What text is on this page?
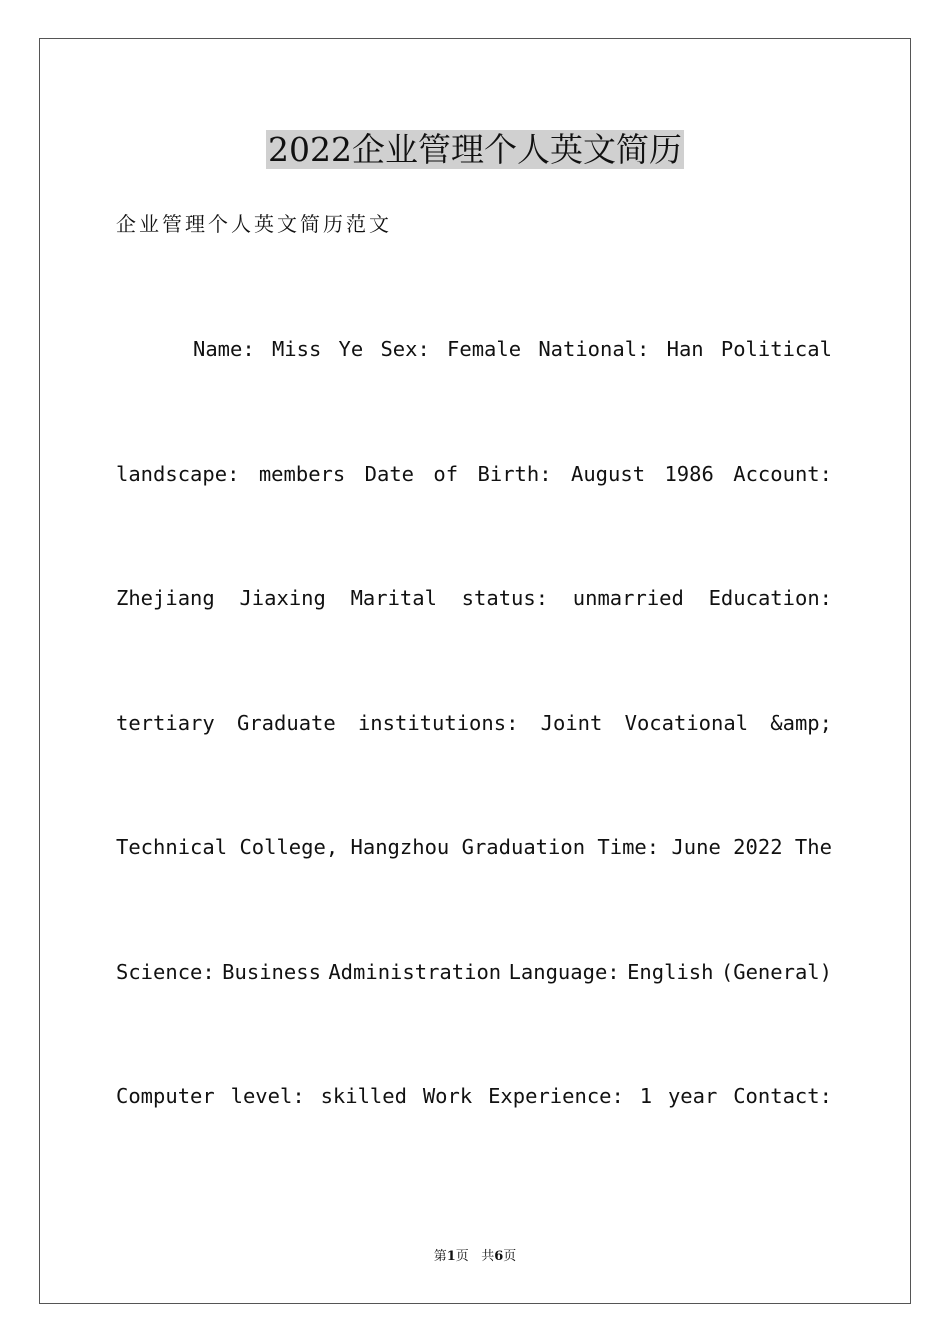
2022企业管理个人英文简历

企业管理个人英文简历范文

Name: Miss Ye Sex: Female National: Han Political
landscape: members Date of Birth: August 1986 Account:
Zhejiang Jiaxing Marital status: unmarried Education:
tertiary Graduate institutions: Joint Vocational &amp;
Technical College, Hangzhou Graduation Time: June 2022 The
Science: Business Administration Language: English (General)
Computer level: skilled Work Experience: 1 year Contact:
第1页 共6页
